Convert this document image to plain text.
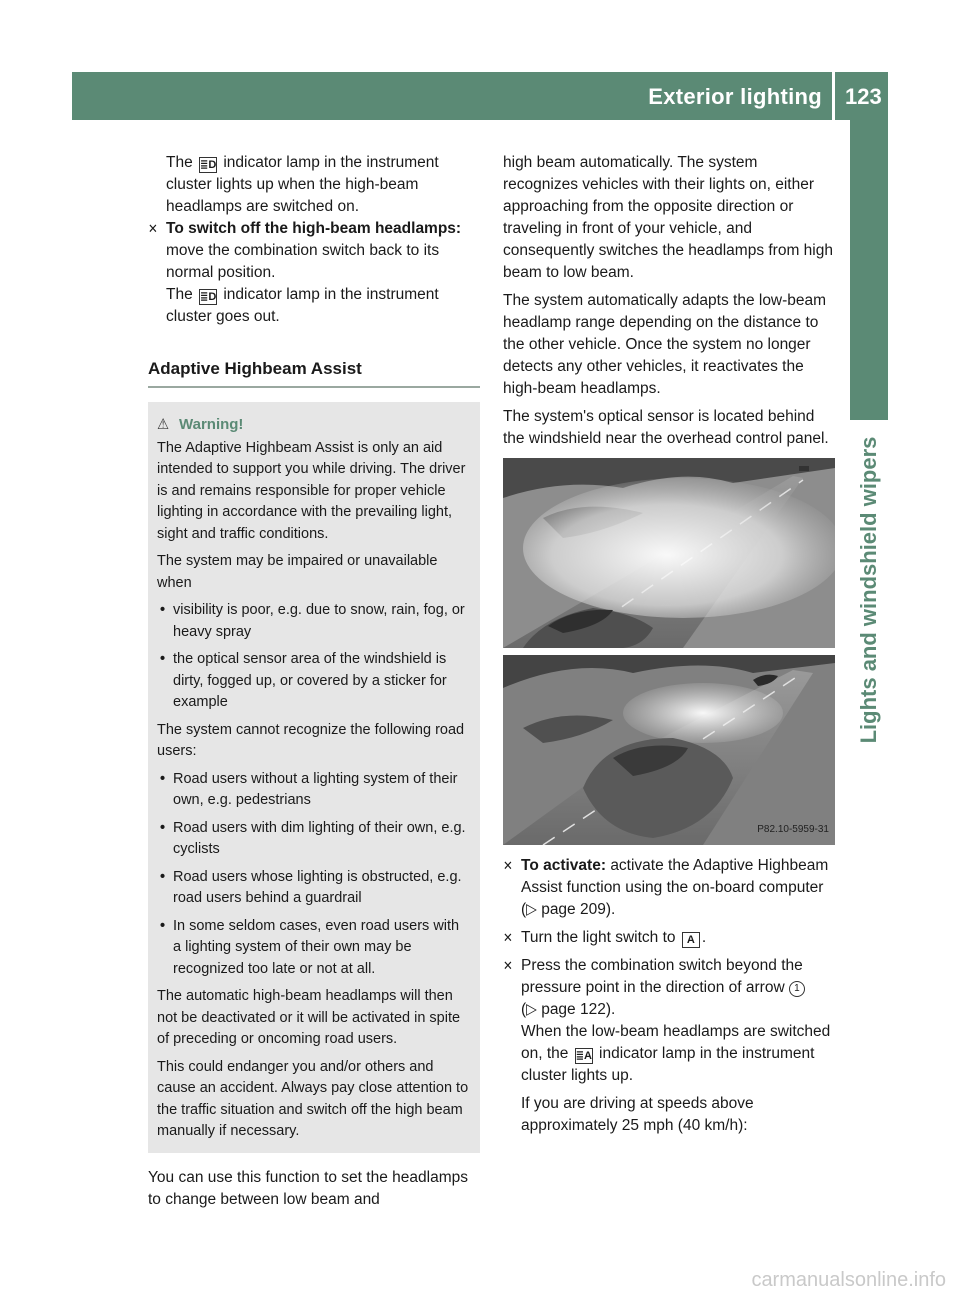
Exterior lighting 123
Lights and windshield wipers

The ≣D indicator lamp in the instrument cluster lights up when the high-beam headlamps are switched on.

✕ To switch off the high-beam headlamps: move the combination switch back to its normal position.
The ≣D indicator lamp in the instrument cluster goes out.
Adaptive Highbeam Assist
⚠ Warning!

The Adaptive Highbeam Assist is only an aid intended to support you while driving. The driver is and remains responsible for proper vehicle lighting in accordance with the prevailing light, sight and traffic conditions.

The system may be impaired or unavailable when

• visibility is poor, e.g. due to snow, rain, fog, or heavy spray
• the optical sensor area of the windshield is dirty, fogged up, or covered by a sticker for example

The system cannot recognize the following road users:

• Road users without a lighting system of their own, e.g. pedestrians
• Road users with dim lighting of their own, e.g. cyclists
• Road users whose lighting is obstructed, e.g. road users behind a guardrail
• In some seldom cases, even road users with a lighting system of their own may be recognized too late or not at all.

The automatic high-beam headlamps will then not be deactivated or it will be activated in spite of preceding or oncoming road users.

This could endanger you and/or others and cause an accident. Always pay close attention to the traffic situation and switch off the high beam manually if necessary.

You can use this function to set the headlamps to change between low beam and

high beam automatically. The system recognizes vehicles with their lights on, either approaching from the opposite direction or traveling in front of your vehicle, and consequently switches the headlamps from high beam to low beam.

The system automatically adapts the low-beam headlamp range depending on the distance to the other vehicle. Once the system no longer detects any other vehicles, it reactivates the high-beam headlamps.

The system's optical sensor is located behind the windshield near the overhead control panel.

P82.10-5959-31
✕ To activate: activate the Adaptive Highbeam Assist function using the on-board computer (▷ page 209).
✕ Turn the light switch to A .
✕ Press the combination switch beyond the pressure point in the direction of arrow 1
(▷ page 122).
When the low-beam headlamps are switched on, the ≣A indicator lamp in the instrument cluster lights up.

If you are driving at speeds above approximately 25 mph (40 km/h):

carmanualsonline.info
